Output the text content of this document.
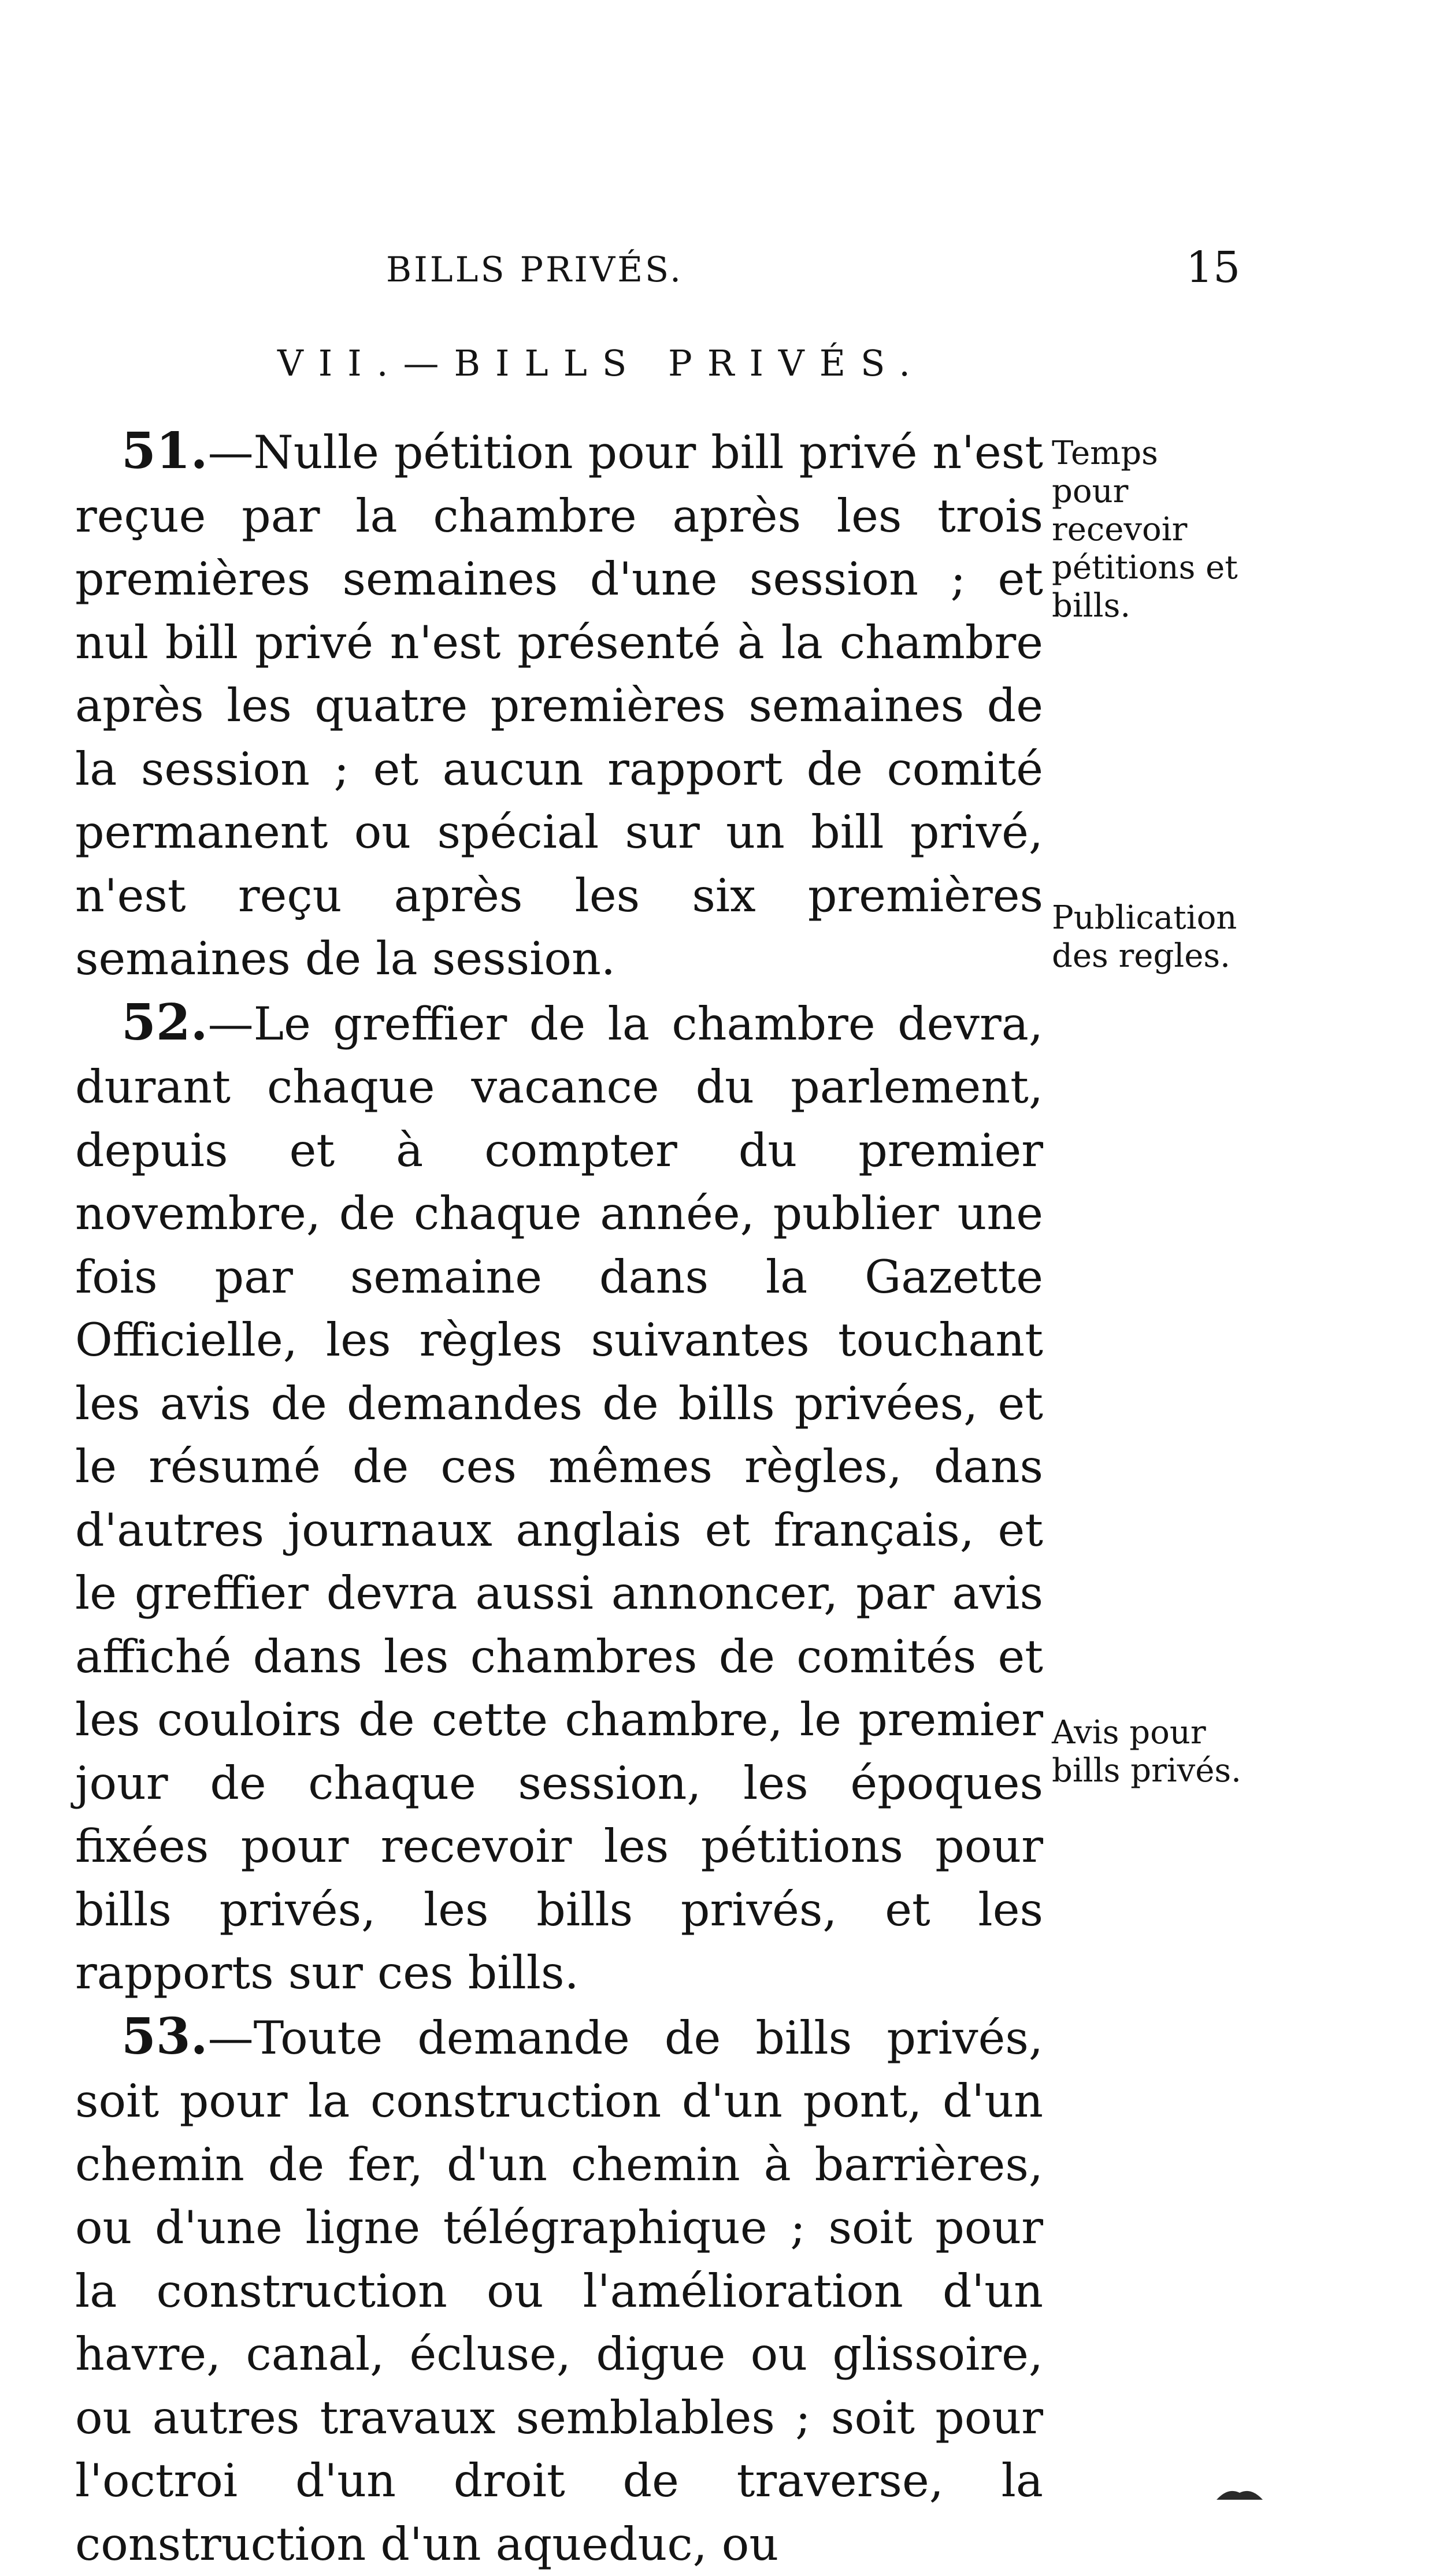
BILLS PRIVÉS.	15
VII.—BILLS PRIVÉS.

51.—Nulle pétition pour bill privé n'est reçue par la chambre après les trois premières semaines d'une session ; et nul bill privé n'est présenté à la chambre après les quatre premières semaines de la session ; et aucun rapport de comité permanent ou spécial sur un bill privé, n'est reçu après les six premières semaines de la session.

52.—Le greffier de la chambre devra, durant chaque vacance du parlement, depuis et à compter du premier novembre, de chaque année, publier une fois par semaine dans la Gazette Officielle, les règles suivantes touchant les avis de demandes de bills privées, et le résumé de ces mêmes règles, dans d'autres journaux anglais et français, et le greffier devra aussi annoncer, par avis affiché dans les chambres de comités et les couloirs de cette chambre, le premier jour de chaque session, les époques fixées pour recevoir les pétitions pour bills privés, les bills privés, et les rapports sur ces bills.

53.—Toute demande de bills privés, soit pour la construction d'un pont, d'un chemin de fer, d'un chemin à barrières, ou d'une ligne télégraphique ; soit pour la construction ou l'amélioration d'un havre, canal, écluse, digue ou glissoire, ou autres travaux semblables ; soit pour l'octroi d'un droit de traverse, la construction d'un aqueduc, ou

Temps pour recevoir pétitions et bills.
Publication des regles.
Avis pour bills privés.
